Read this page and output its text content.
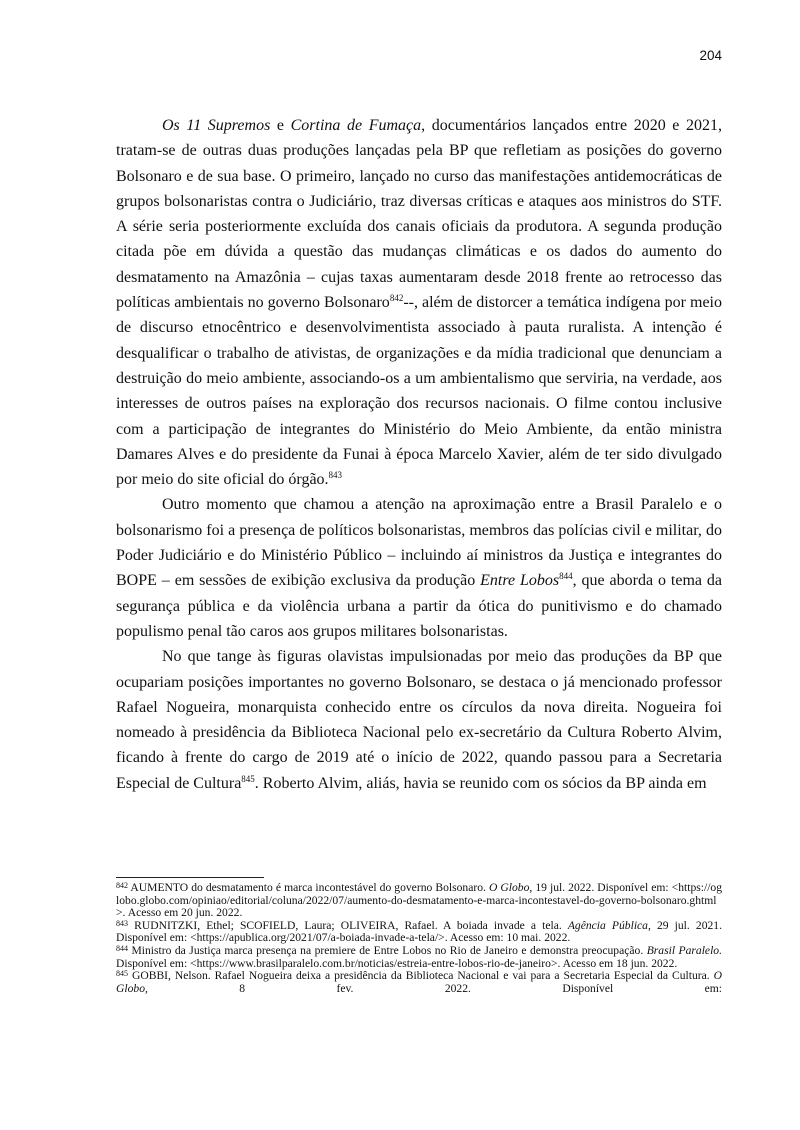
204

Os 11 Supremos e Cortina de Fumaça, documentários lançados entre 2020 e 2021, tratam-se de outras duas produções lançadas pela BP que refletiam as posições do governo Bolsonaro e de sua base. O primeiro, lançado no curso das manifestações antidemocráticas de grupos bolsonaristas contra o Judiciário, traz diversas críticas e ataques aos ministros do STF. A série seria posteriormente excluída dos canais oficiais da produtora. A segunda produção citada põe em dúvida a questão das mudanças climáticas e os dados do aumento do desmatamento na Amazônia – cujas taxas aumentaram desde 2018 frente ao retrocesso das políticas ambientais no governo Bolsonaro$^{842}$--, além de distorcer a temática indígena por meio de discurso etnocêntrico e desenvolvimentista associado à pauta ruralista. A intenção é desqualificar o trabalho de ativistas, de organizações e da mídia tradicional que denunciam a destruição do meio ambiente, associando-os a um ambientalismo que serviria, na verdade, aos interesses de outros países na exploração dos recursos nacionais. O filme contou inclusive com a participação de integrantes do Ministério do Meio Ambiente, da então ministra Damares Alves e do presidente da Funai à época Marcelo Xavier, além de ter sido divulgado por meio do site oficial do órgão.$^{843}$

Outro momento que chamou a atenção na aproximação entre a Brasil Paralelo e o bolsonarismo foi a presença de políticos bolsonaristas, membros das polícias civil e militar, do Poder Judiciário e do Ministério Público – incluindo aí ministros da Justiça e integrantes do BOPE – em sessões de exibição exclusiva da produção Entre Lobos$^{844}$, que aborda o tema da segurança pública e da violência urbana a partir da ótica do punitivismo e do chamado populismo penal tão caros aos grupos militares bolsonaristas.

No que tange às figuras olavistas impulsionadas por meio das produções da BP que ocupariam posições importantes no governo Bolsonaro, se destaca o já mencionado professor Rafael Nogueira, monarquista conhecido entre os círculos da nova direita. Nogueira foi nomeado à presidência da Biblioteca Nacional pelo ex-secretário da Cultura Roberto Alvim, ficando à frente do cargo de 2019 até o início de 2022, quando passou para a Secretaria Especial de Cultura$^{845}$. Roberto Alvim, aliás, havia se reunido com os sócios da BP ainda em

$^{842}$ AUMENTO do desmatamento é marca incontestável do governo Bolsonaro. O Globo, 19 jul. 2022. Disponível em: <https://oglobo.globo.com/opiniao/editorial/coluna/2022/07/aumento-do-desmatamento-e-marca-incontestavel-do-governo-bolsonaro.ghtml>. Acesso em 20 jun. 2022.

$^{843}$ RUDNITZKI, Ethel; SCOFIELD, Laura; OLIVEIRA, Rafael. A boiada invade a tela. Agência Pública, 29 jul. 2021. Disponível em: <https://apublica.org/2021/07/a-boiada-invade-a-tela/>. Acesso em: 10 mai. 2022.

$^{844}$ Ministro da Justiça marca presença na premiere de Entre Lobos no Rio de Janeiro e demonstra preocupação. Brasil Paralelo. Disponível em: <https://www.brasilparalelo.com.br/noticias/estreia-entre-lobos-rio-de-janeiro>. Acesso em 18 jun. 2022.

$^{845}$ GOBBI, Nelson. Rafael Nogueira deixa a presidência da Biblioteca Nacional e vai para a Secretaria Especial da Cultura. O Globo, 8 fev. 2022. Disponível em:
